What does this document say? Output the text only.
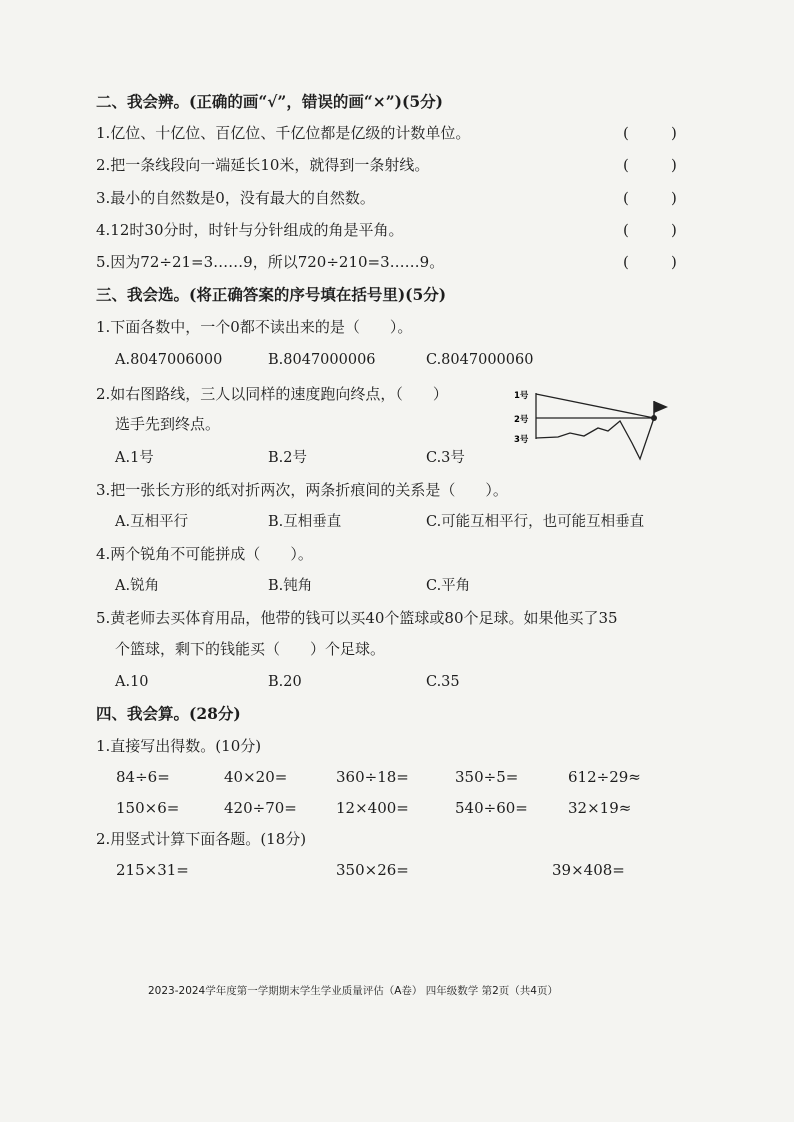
二、我会辨。(正确的画“√”，错误的画“×”)(5分)
1.亿位、十亿位、百亿位、千亿位都是亿级的计数单位。	(	)
2.把一条线段向一端延长10米，就得到一条射线。	(	)
3.最小的自然数是0，没有最大的自然数。	(	)
4.12时30分时，时针与分针组成的角是平角。	(	)
5.因为72÷21=3……9，所以720÷210=3……9。	(	)
三、我会选。(将正确答案的序号填在括号里)(5分)
1.下面各数中，一个0都不读出来的是（　　）。
A.8047006000	B.8047000006	C.8047000060
2.如右图路线，三人以同样的速度跑向终点，（　　）
选手先到终点。
A.1号	B.2号	C.3号
1号
2号
3号
3.把一张长方形的纸对折两次，两条折痕间的关系是（　　）。
A.互相平行	B.互相垂直	C.可能互相平行，也可能互相垂直
4.两个锐角不可能拼成（　　）。
A.锐角	B.钝角	C.平角
5.黄老师去买体育用品，他带的钱可以买40个篮球或80个足球。如果他买了35
个篮球，剩下的钱能买（　　）个足球。
A.10	B.20	C.35
四、我会算。(28分)
1.直接写出得数。(10分)
84÷6=	40×20=	360÷18=	350÷5=	612÷29≈
150×6=	420÷70=	12×400=	540÷60=	32×19≈
2.用竖式计算下面各题。(18分)
215×31=	350×26=	39×408=
2023-2024学年度第一学期期末学生学业质量评估（A卷） 四年级数学 第2页（共4页）
